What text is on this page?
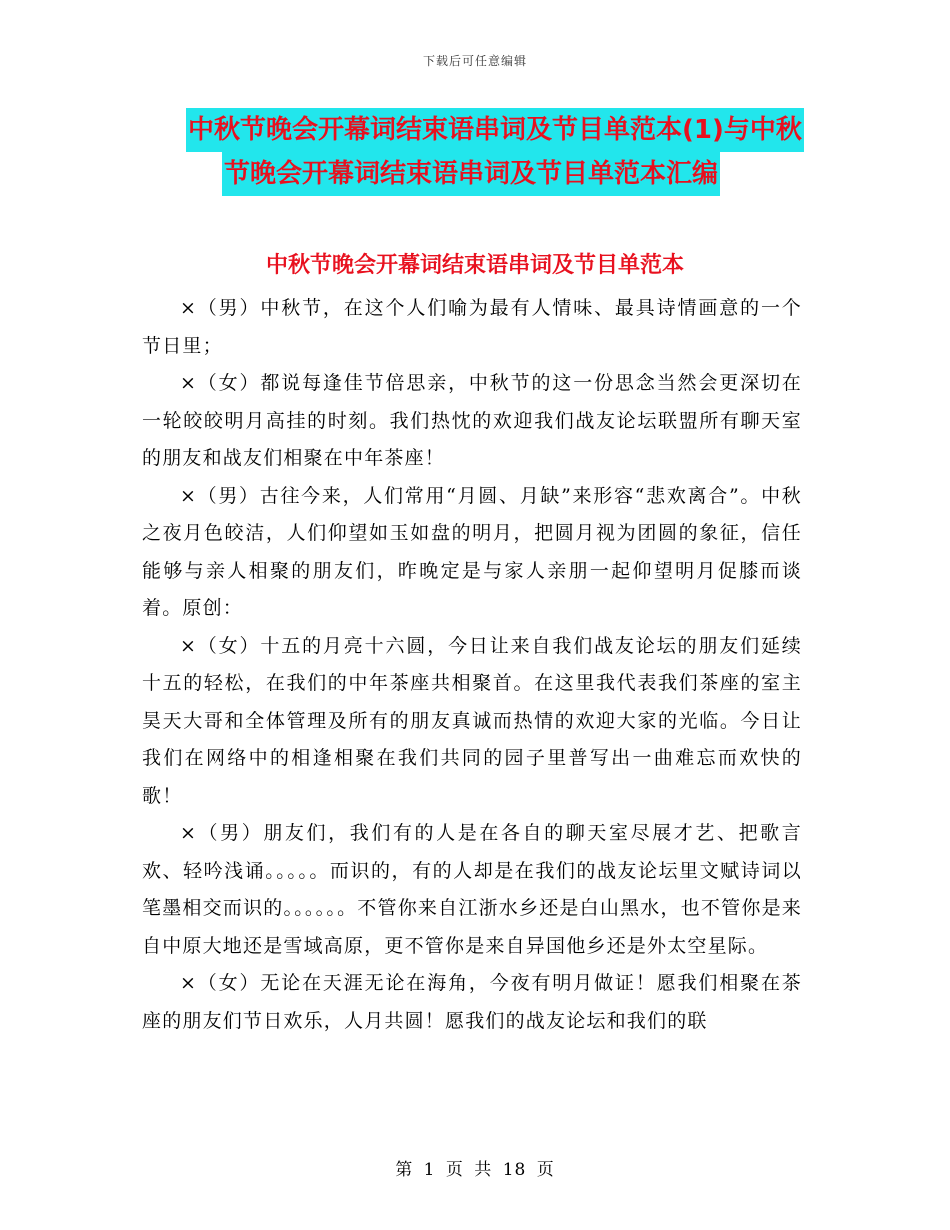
下载后可任意编辑
中秋节晚会开幕词结束语串词及节目单范本(1)与中秋
节晚会开幕词结束语串词及节目单范本汇编
中秋节晚会开幕词结束语串词及节目单范本

×（男）中秋节，在这个人们喻为最有人情味、最具诗情画意的一个节日里；

×（女）都说每逢佳节倍思亲，中秋节的这一份思念当然会更深切在一轮皎皎明月高挂的时刻。我们热忱的欢迎我们战友论坛联盟所有聊天室的朋友和战友们相聚在中年茶座！

×（男）古往今来，人们常用“月圆、月缺”来形容“悲欢离合”。中秋之夜月色皎洁，人们仰望如玉如盘的明月，把圆月视为团圆的象征，信任能够与亲人相聚的朋友们，昨晚定是与家人亲朋一起仰望明月促膝而谈着。原创：

×（女）十五的月亮十六圆，今日让来自我们战友论坛的朋友们延续十五的轻松，在我们的中年茶座共相聚首。在这里我代表我们茶座的室主昊天大哥和全体管理及所有的朋友真诚而热情的欢迎大家的光临。今日让我们在网络中的相逢相聚在我们共同的园子里普写出一曲难忘而欢快的歌！

×（男）朋友们，我们有的人是在各自的聊天室尽展才艺、把歌言欢、轻吟浅诵。。。。。而识的，有的人却是在我们的战友论坛里文赋诗词以笔墨相交而识的。。。。。。不管你来自江浙水乡还是白山黑水，也不管你是来自中原大地还是雪域高原，更不管你是来自异国他乡还是外太空星际。

×（女）无论在天涯无论在海角，今夜有明月做证！愿我们相聚在茶座的朋友们节日欢乐，人月共圆！愿我们的战友论坛和我们的联

第 1 页 共 18 页
